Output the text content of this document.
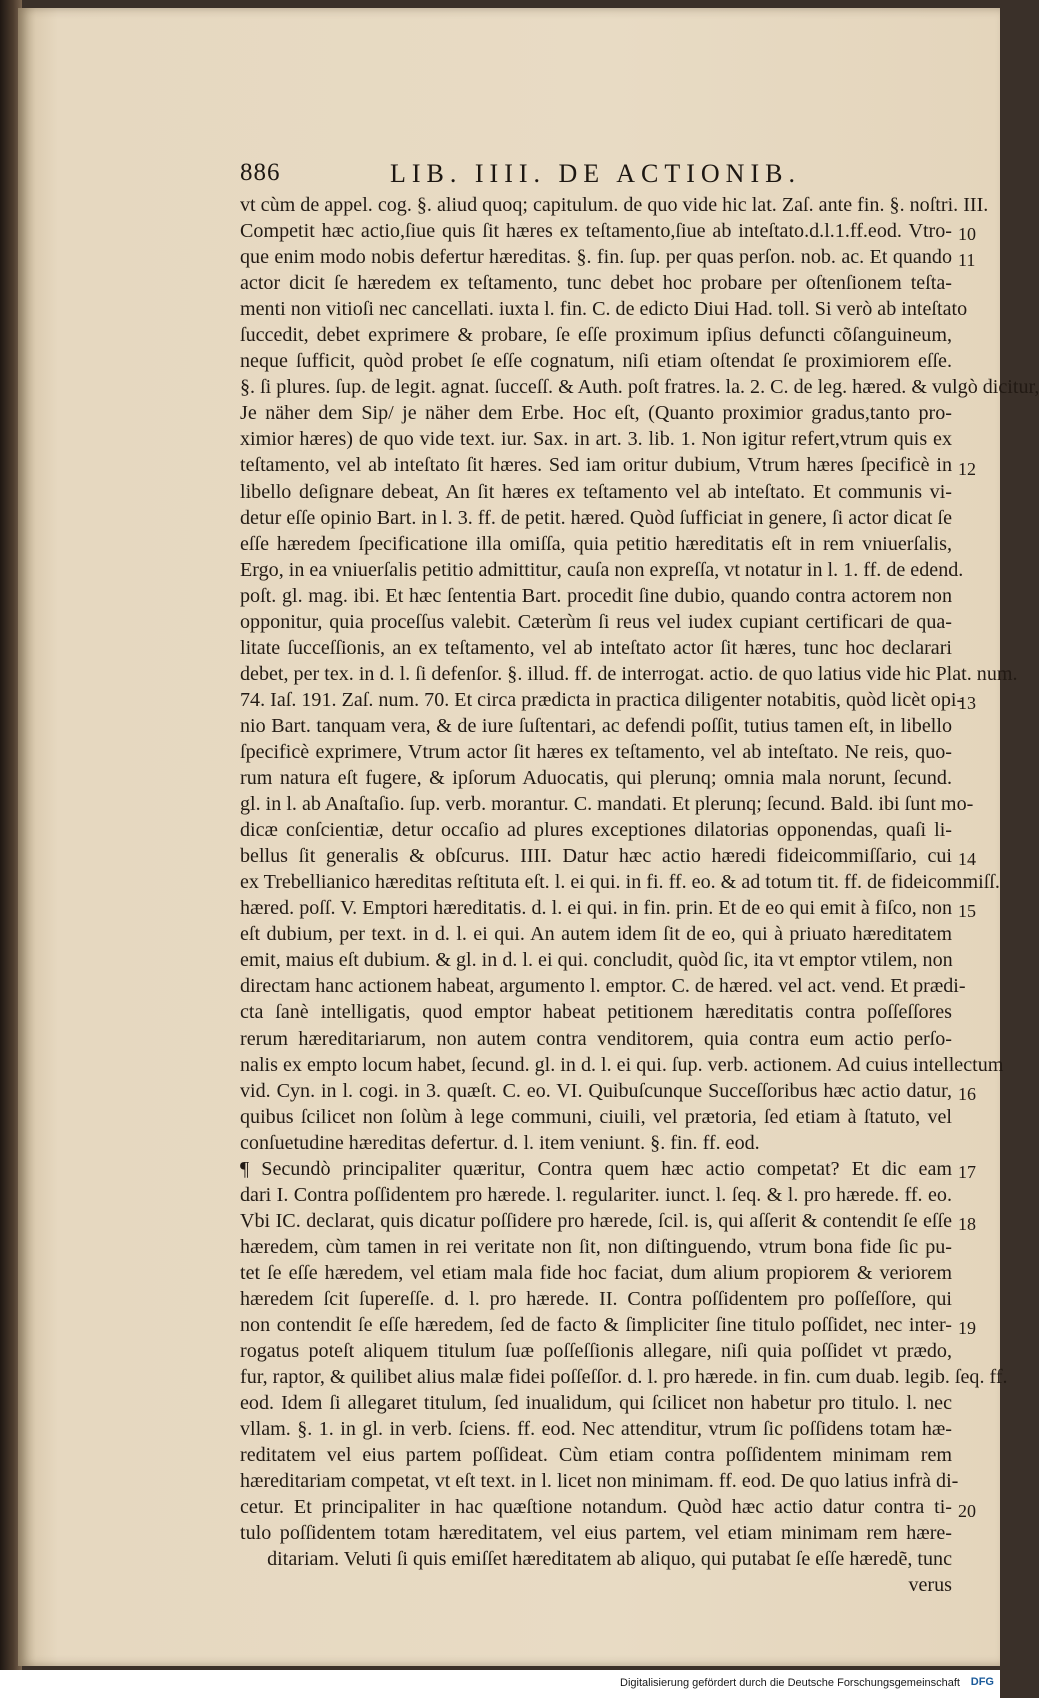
886	LIB. IIII. DE ACTIONIB.
vt cùm de appel. cog. §. aliud quoq; capitulum. de quo vide hic lat. Zaſ. ante fin. §. noſtri. III.
Competit hæc actio,ſiue quis ſit hæres ex teſtamento,ſiue ab inteſtato.d.l.1.ff.eod. Vtro-
que enim modo nobis defertur hæreditas. §. fin. ſup. per quas perſon. nob. ac. Et quando
actor dicit ſe hæredem ex teſtamento, tunc debet hoc probare per oſtenſionem teſta-
menti non vitioſi nec cancellati. iuxta l. fin. C. de edicto Diui Had. toll. Si verò ab inteſtato
ſuccedit, debet exprimere & probare, ſe eſſe proximum ipſius defuncti cõſanguineum,
neque ſufficit, quòd probet ſe eſſe cognatum, niſi etiam oſtendat ſe proximiorem eſſe.
§. ſi plures. ſup. de legit. agnat. ſucceſſ. & Auth. poſt fratres. la. 2. C. de leg. hæred. & vulgò dicitur,
Je näher dem Sip/ je näher dem Erbe. Hoc eſt, (Quanto proximior gradus,tanto pro-
ximior hæres) de quo vide text. iur. Sax. in art. 3. lib. 1. Non igitur refert,vtrum quis ex
teſtamento, vel ab inteſtato ſit hæres. Sed iam oritur dubium, Vtrum hæres ſpecificè in
libello deſignare debeat, An ſit hæres ex teſtamento vel ab inteſtato. Et communis vi-
detur eſſe opinio Bart. in l. 3. ff. de petit. hæred. Quòd ſufficiat in genere, ſi actor dicat ſe
eſſe hæredem ſpecificatione illa omiſſa, quia petitio hæreditatis eſt in rem vniuerſalis,
Ergo, in ea vniuerſalis petitio admittitur, cauſa non expreſſa, vt notatur in l. 1. ff. de edend.
poſt. gl. mag. ibi. Et hæc ſententia Bart. procedit ſine dubio, quando contra actorem non
opponitur, quia proceſſus valebit. Cæterùm ſi reus vel iudex cupiant certificari de qua-
litate ſucceſſionis, an ex teſtamento, vel ab inteſtato actor ſit hæres, tunc hoc declarari
debet, per tex. in d. l. ſi defenſor. §. illud. ff. de interrogat. actio. de quo latius vide hic Plat. num.
74. Iaſ. 191. Zaſ. num. 70. Et circa prædicta in practica diligenter notabitis, quòd licèt opi-
nio Bart. tanquam vera, & de iure ſuſtentari, ac defendi poſſit, tutius tamen eſt, in libello
ſpecificè exprimere, Vtrum actor ſit hæres ex teſtamento, vel ab inteſtato. Ne reis, quo-
rum natura eſt fugere, & ipſorum Aduocatis, qui plerunq; omnia mala norunt, ſecund.
gl. in l. ab Anaſtaſio. ſup. verb. morantur. C. mandati. Et plerunq; ſecund. Bald. ibi ſunt mo-
dicæ conſcientiæ, detur occaſio ad plures exceptiones dilatorias opponendas, quaſi li-
bellus ſit generalis & obſcurus. IIII. Datur hæc actio hæredi fideicommiſſario, cui
ex Trebellianico hæreditas reſtituta eſt. l. ei qui. in fi. ff. eo. & ad totum tit. ff. de fideicommiſſ.
hæred. poſſ. V. Emptori hæreditatis. d. l. ei qui. in fin. prin. Et de eo qui emit à fiſco, non
eſt dubium, per text. in d. l. ei qui. An autem idem ſit de eo, qui à priuato hæreditatem
emit, maius eſt dubium. & gl. in d. l. ei qui. concludit, quòd ſic, ita vt emptor vtilem, non
directam hanc actionem habeat, argumento l. emptor. C. de hæred. vel act. vend. Et prædi-
cta ſanè intelligatis, quod emptor habeat petitionem hæreditatis contra poſſeſſores
rerum hæreditariarum, non autem contra venditorem, quia contra eum actio perſo-
nalis ex empto locum habet, ſecund. gl. in d. l. ei qui. ſup. verb. actionem. Ad cuius intellectum
vid. Cyn. in l. cogi. in 3. quæſt. C. eo. VI. Quibuſcunque Succeſſoribus hæc actio datur,
quibus ſcilicet non ſolùm à lege communi, ciuili, vel prætoria, ſed etiam à ſtatuto, vel
conſuetudine hæreditas defertur. d. l. item veniunt. §. fin. ff. eod.
¶ Secundò principaliter quæritur, Contra quem hæc actio competat? Et dic eam
dari I. Contra poſſidentem pro hærede. l. regulariter. iunct. l. ſeq. & l. pro hærede. ff. eo.
Vbi IC. declarat, quis dicatur poſſidere pro hærede, ſcil. is, qui aſſerit & contendit ſe eſſe
hæredem, cùm tamen in rei veritate non ſit, non diſtinguendo, vtrum bona fide ſic pu-
tet ſe eſſe hæredem, vel etiam mala fide hoc faciat, dum alium propiorem & veriorem
hæredem ſcit ſupereſſe. d. l. pro hærede. II. Contra poſſidentem pro poſſeſſore, qui
non contendit ſe eſſe hæredem, ſed de facto & ſimpliciter ſine titulo poſſidet, nec inter-
rogatus poteſt aliquem titulum ſuæ poſſeſſionis allegare, niſi quia poſſidet vt prædo,
fur, raptor, & quilibet alius malæ fidei poſſeſſor. d. l. pro hærede. in fin. cum duab. legib. ſeq. ff.
eod. Idem ſi allegaret titulum, ſed inualidum, qui ſcilicet non habetur pro titulo. l. nec
vllam. §. 1. in gl. in verb. ſciens. ff. eod. Nec attenditur, vtrum ſic poſſidens totam hæ-
reditatem vel eius partem poſſideat. Cùm etiam contra poſſidentem minimam rem
hæreditariam competat, vt eſt text. in l. licet non minimam. ff. eod. De quo latius infrà di-
cetur. Et principaliter in hac quæſtione notandum. Quòd hæc actio datur contra ti-
tulo poſſidentem totam hæreditatem, vel eius partem, vel etiam minimam rem hære-
ditariam. Veluti ſi quis emiſſet hæreditatem ab aliquo, qui putabat ſe eſſe hæredẽ, tunc
verus
10
11
12
13
14
15
16
17
18
19
20
Digitalisierung gefördert durch die Deutsche Forschungsgemeinschaft DFG
